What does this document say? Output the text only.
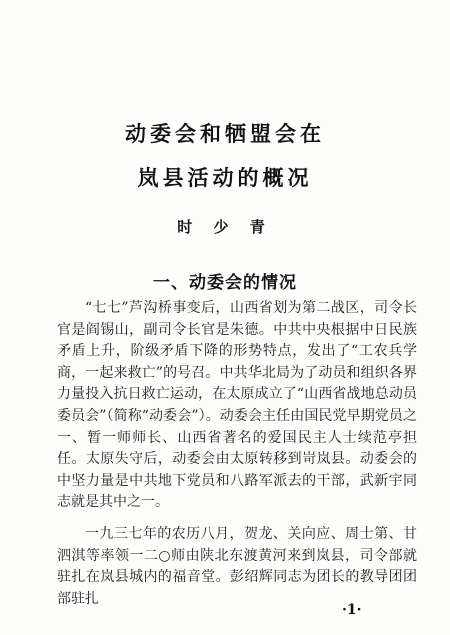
动委会和牺盟会在
岚县活动的概况
时 少 青
一、动委会的情况

“七七”芦沟桥事变后，山西省划为第二战区，司令长官是阎锡山，副司令长官是朱德。中共中央根据中日民族矛盾上升，阶级矛盾下降的形势特点，发出了“工农兵学商，一起来救亡”的号召。中共华北局为了动员和组织各界力量投入抗日救亡运动，在太原成立了“山西省战地总动员委员会”（简称“动委会”）。动委会主任由国民党早期党员之一、暂一师师长、山西省著名的爱国民主人士续范亭担任。太原失守后，动委会由太原转移到岢岚县。动委会的中坚力量是中共地下党员和八路军派去的干部，武新宇同志就是其中之一。

一九三七年的农历八月，贺龙、关向应、周士第、甘泗淇等率领一二○师由陕北东渡黄河来到岚县，司令部就驻扎在岚县城内的福音堂。彭绍辉同志为团长的教导团团部驻扎

·1·
